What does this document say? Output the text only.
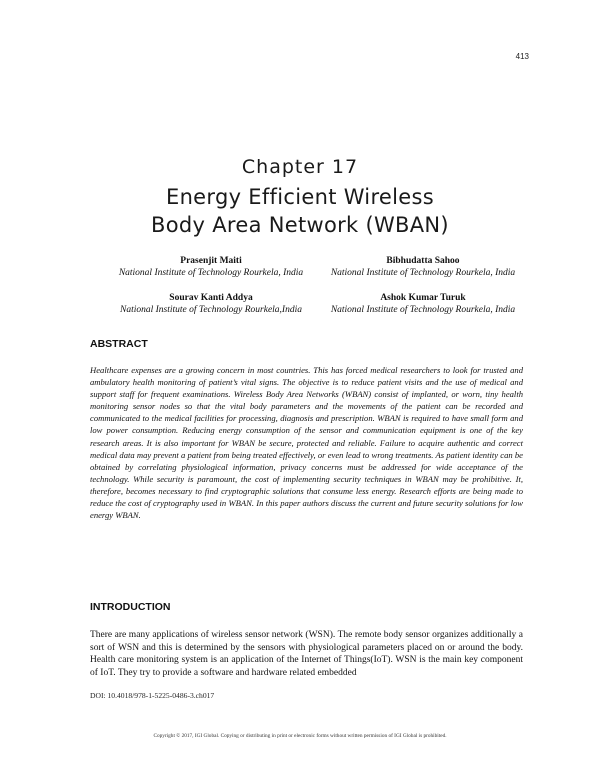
413
Chapter 17
Energy Efficient Wireless
Body Area Network (WBAN)
Prasenjit Maiti
National Institute of Technology Rourkela, India
Bibhudatta Sahoo
National Institute of Technology Rourkela, India
Sourav Kanti Addya
National Institute of Technology Rourkela,India
Ashok Kumar Turuk
National Institute of Technology Rourkela, India
ABSTRACT
Healthcare expenses are a growing concern in most countries. This has forced medical researchers to look for trusted and ambulatory health monitoring of patient’s vital signs. The objective is to reduce patient visits and the use of medical and support staff for frequent examinations. Wireless Body Area Networks (WBAN) consist of implanted, or worn, tiny health monitoring sensor nodes so that the vital body parameters and the movements of the patient can be recorded and communicated to the medical facilities for processing, diagnosis and prescription. WBAN is required to have small form and low power consumption. Reducing energy consumption of the sensor and communication equipment is one of the key research areas. It is also important for WBAN be secure, protected and reliable. Failure to acquire authentic and correct medical data may prevent a patient from being treated effectively, or even lead to wrong treatments. As patient identity can be obtained by correlating physiological information, privacy concerns must be addressed for wide acceptance of the technology. While security is paramount, the cost of implementing security techniques in WBAN may be prohibitive. It, therefore, becomes necessary to find cryptographic solutions that consume less energy. Research efforts are being made to reduce the cost of cryptography used in WBAN. In this paper authors discuss the current and future security solutions for low energy WBAN.
INTRODUCTION
There are many applications of wireless sensor network (WSN). The remote body sensor organizes additionally a sort of WSN and this is determined by the sensors with physiological parameters placed on or around the body. Health care monitoring system is an application of the Internet of Things(IoT). WSN is the main key component of IoT. They try to provide a software and hardware related embedded
DOI: 10.4018/978-1-5225-0486-3.ch017
Copyright © 2017, IGI Global. Copying or distributing in print or electronic forms without written permission of IGI Global is prohibited.
